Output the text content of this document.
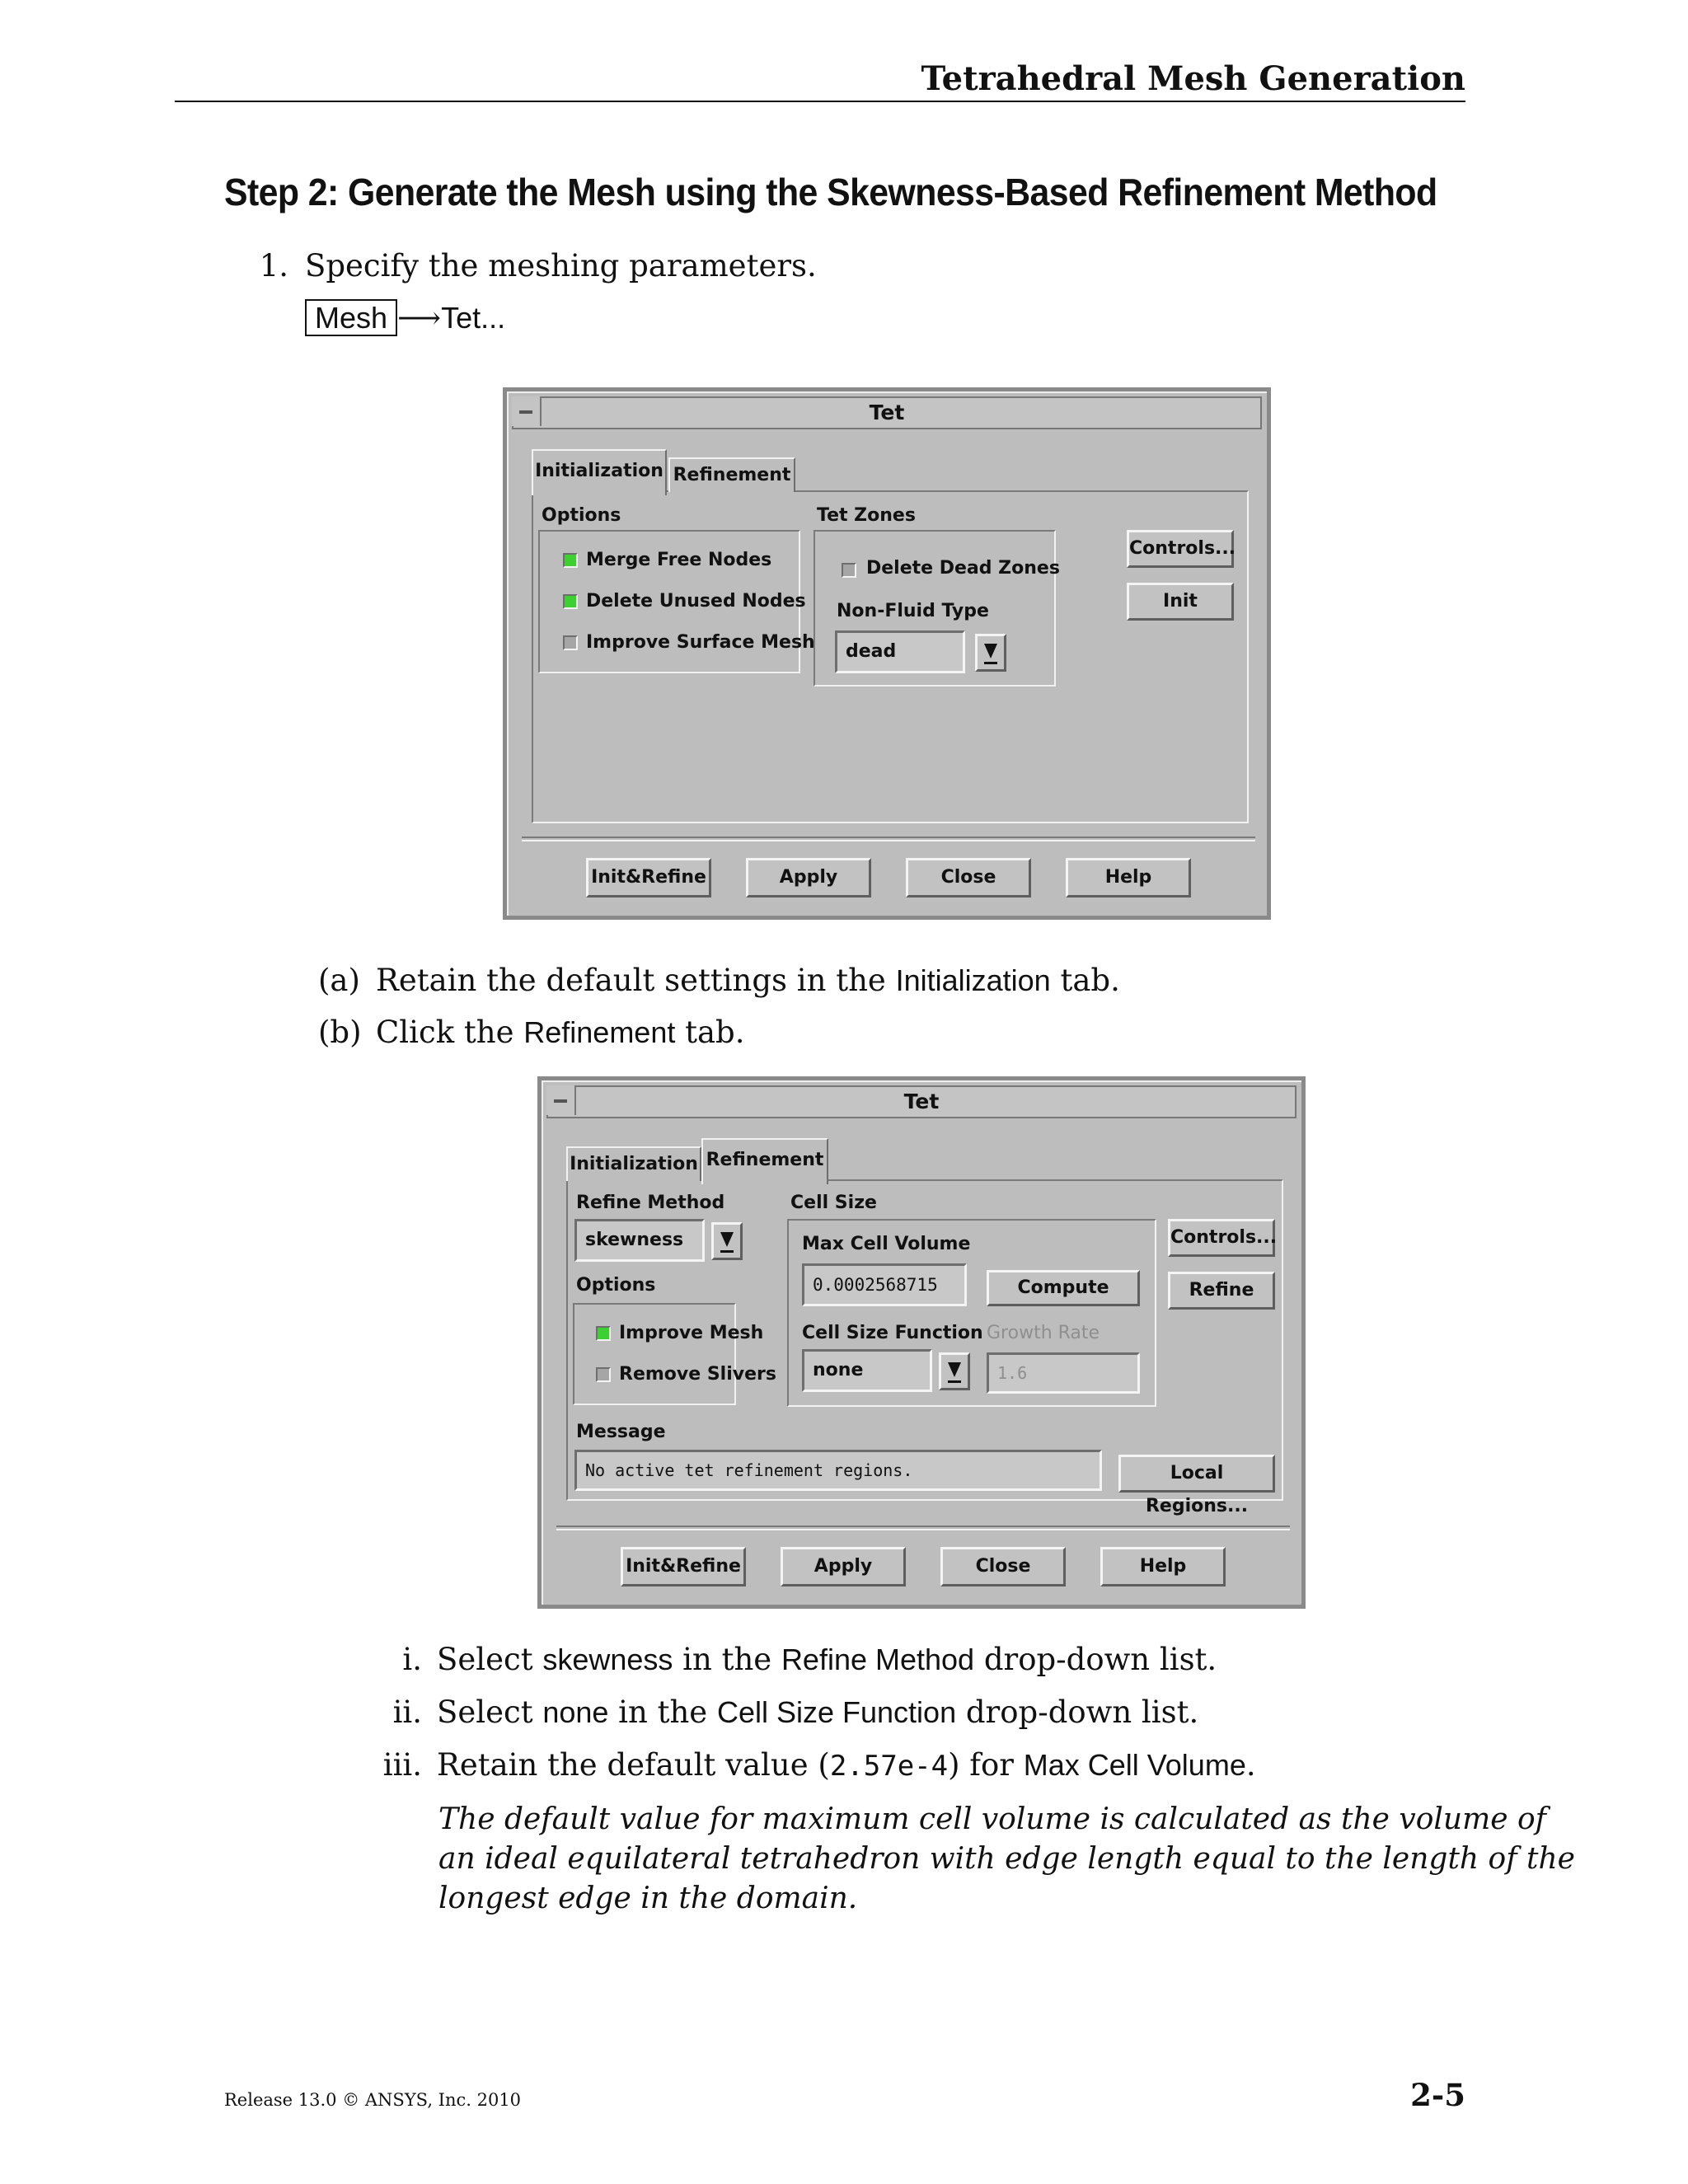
Tetrahedral Mesh Generation
Step 2: Generate the Mesh using the Skewness-Based Refinement Method
1. Specify the meshing parameters.
Mesh ⟶Tet...
Tet
Initialization Refinement
Options
Merge Free Nodes
Delete Unused Nodes
Improve Surface Mesh
Tet Zones
Delete Dead Zones
Non-Fluid Type
dead
Controls...
Init
Init&Refine	Apply	Close	Help
(a) Retain the default settings in the Initialization tab.
(b) Click the Refinement tab.
Tet
Initialization Refinement
Refine Method
skewness
Options
Improve Mesh
Remove Slivers
Cell Size
Max Cell Volume
0.0002568715	Compute
Cell Size Function Growth Rate
none	1.6
Controls...
Refine
Message
No active tet refinement regions.	Local Regions...
Init&Refine	Apply	Close	Help
i. Select skewness in the Refine Method drop-down list.
ii. Select none in the Cell Size Function drop-down list.
iii. Retain the default value (2.57e-4) for Max Cell Volume.
The default value for maximum cell volume is calculated as the volume of
an ideal equilateral tetrahedron with edge length equal to the length of the
longest edge in the domain.
Release 13.0 © ANSYS, Inc. 2010	2-5
